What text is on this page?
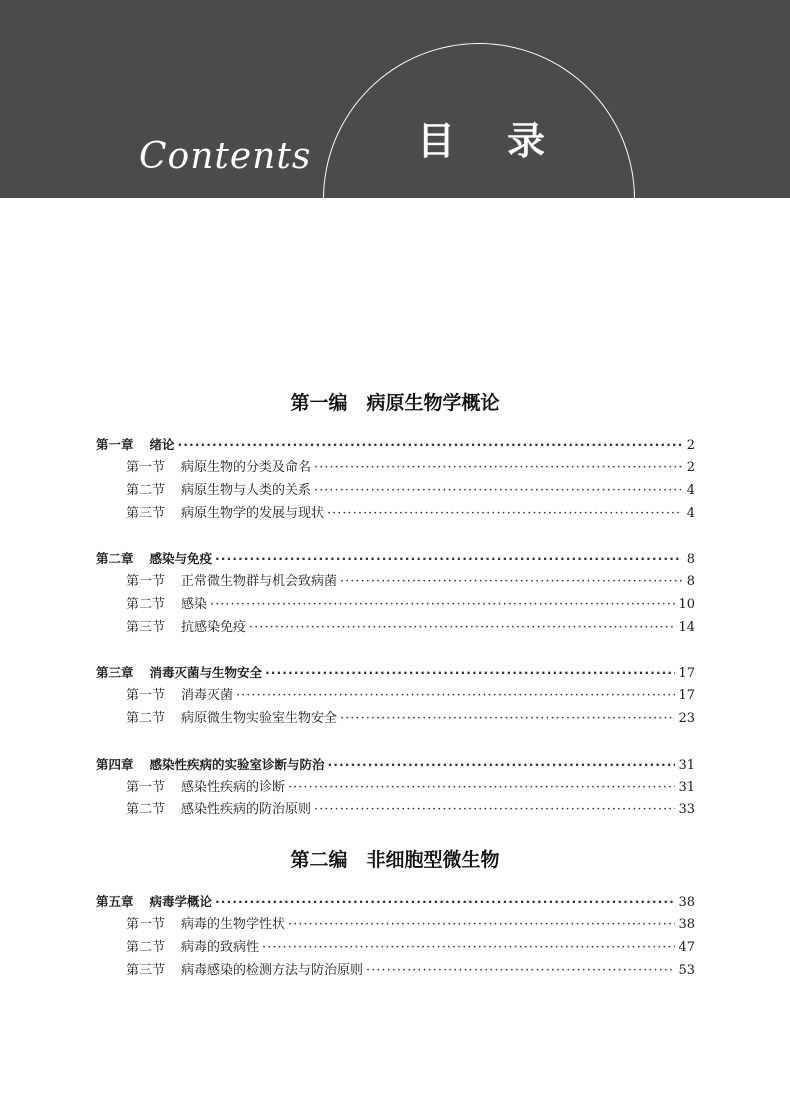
Contents	目录
第一编　病原生物学概论
第一章 绪论 ·····	2
第一节 病原生物的分类及命名 ·····	2
第二节 病原生物与人类的关系 ·····	4
第三节 病原生物学的发展与现状 ·····	4
第二章 感染与免疫 ·····	8
第一节 正常微生物群与机会致病菌 ·····	8
第二节 感染 ·····	10
第三节 抗感染免疫 ·····	14
第三章 消毒灭菌与生物安全 ·····	17
第一节 消毒灭菌 ·····	17
第二节 病原微生物实验室生物安全 ·····	23
第四章 感染性疾病的实验室诊断与防治 ·····	31
第一节 感染性疾病的诊断 ·····	31
第二节 感染性疾病的防治原则 ·····	33
第二编　非细胞型微生物
第五章 病毒学概论 ·····	38
第一节 病毒的生物学性状 ·····	38
第二节 病毒的致病性 ·····	47
第三节 病毒感染的检测方法与防治原则 ·····	53
